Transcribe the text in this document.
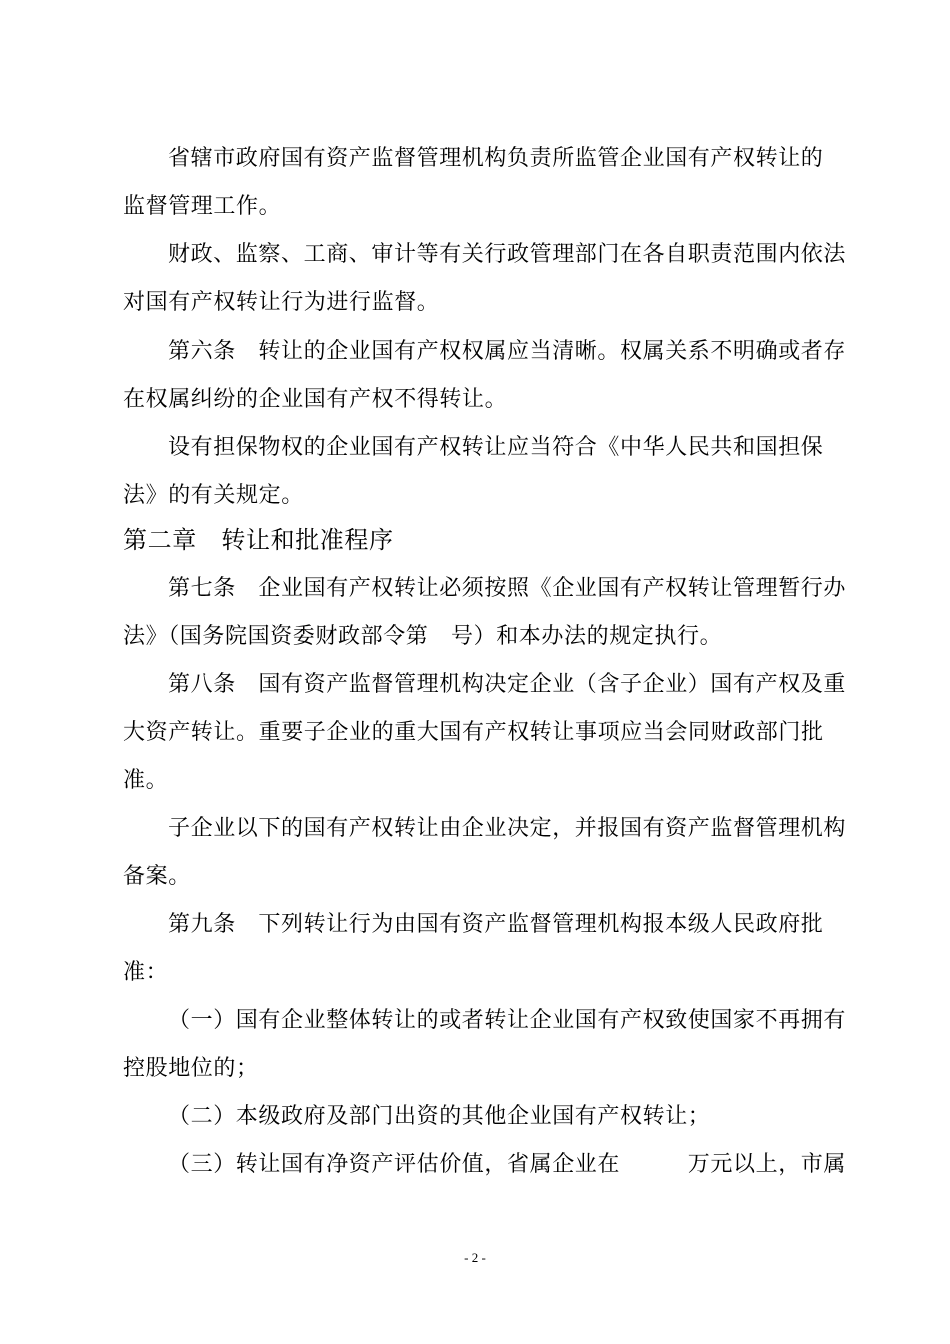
省辖市政府国有资产监督管理机构负责所监管企业国有产权转让的
监督管理工作。
财政、监察、工商、审计等有关行政管理部门在各自职责范围内依法
对国有产权转让行为进行监督。
第六条　转让的企业国有产权权属应当清晰。权属关系不明确或者存
在权属纠纷的企业国有产权不得转让。
设有担保物权的企业国有产权转让应当符合《中华人民共和国担保
法》的有关规定。
第二章　转让和批准程序
第七条　企业国有产权转让必须按照《企业国有产权转让管理暂行办
法》（国务院国资委财政部令第　号）和本办法的规定执行。
第八条　国有资产监督管理机构决定企业（含子企业）国有产权及重
大资产转让。重要子企业的重大国有产权转让事项应当会同财政部门批
准。
子企业以下的国有产权转让由企业决定，并报国有资产监督管理机构
备案。
第九条　下列转让行为由国有资产监督管理机构报本级人民政府批
准：
（一）国有企业整体转让的或者转让企业国有产权致使国家不再拥有
控股地位的；
（二）本级政府及部门出资的其他企业国有产权转让；
（三）转让国有净资产评估价值，省属企业在　　　万元以上，市属
- 2 -
